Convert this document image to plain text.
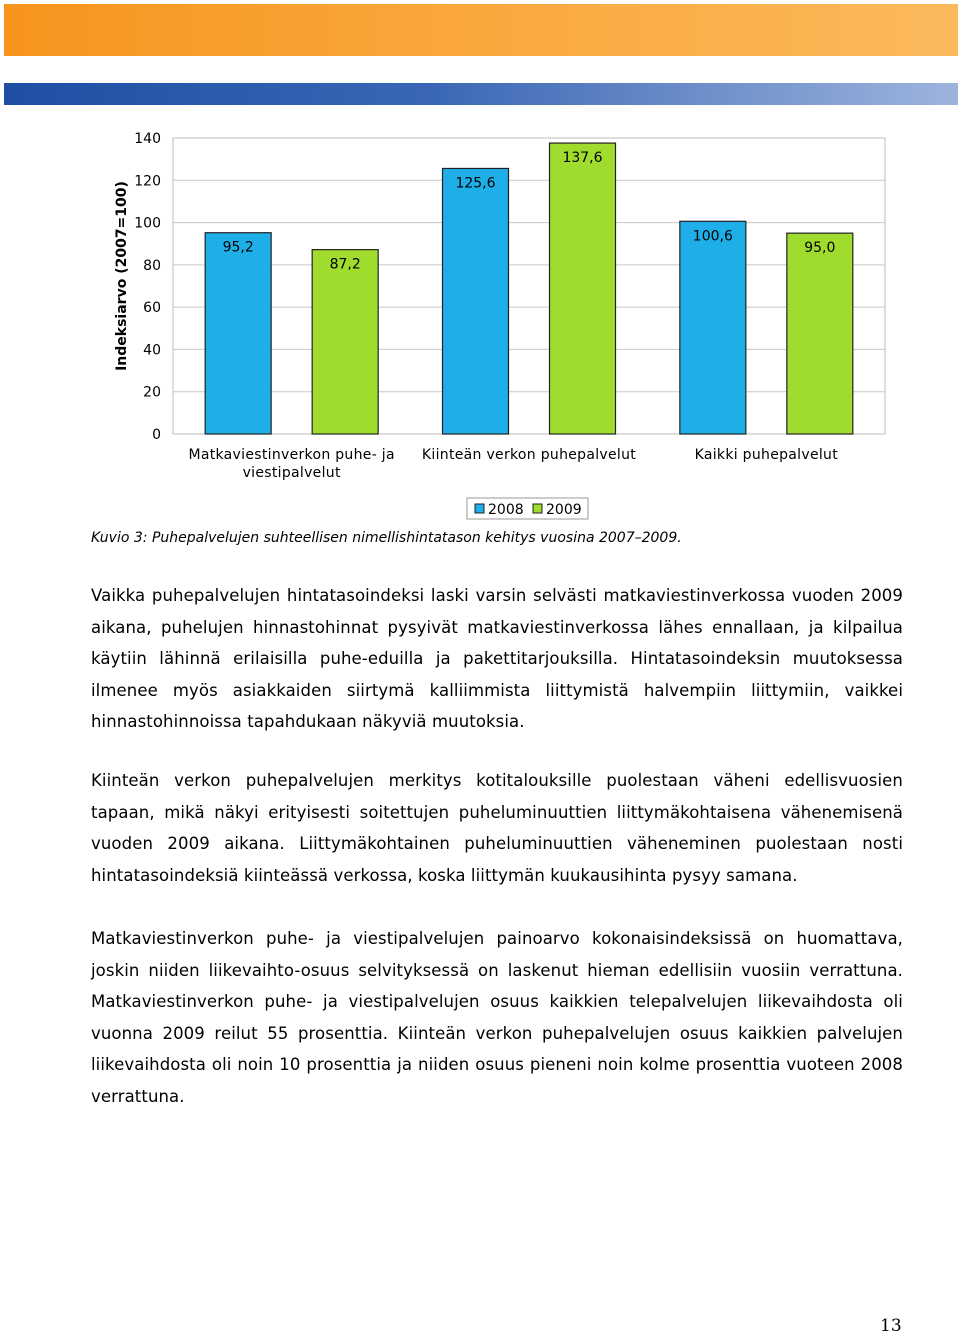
0
20
40
60
80
100
120
140
Indeksiarvo (2007=100)	95,2
87,2
Matkaviestinverkon puhe- ja
viestipalvelut
125,6
137,6
Kiinteän verkon puhepalvelut
100,6
95,0
Kaikki puhepalvelut
2008 2009

Kuvio 3: Puhepalvelujen suhteellisen nimellishintatason kehitys vuosina 2007–2009.

Vaikka puhepalvelujen hintatasoindeksi laski varsin selvästi matkaviestinverkossa vuoden 2009 aikana, puhelujen hinnastohinnat pysyivät matkaviestinverkossa lähes ennallaan, ja kilpailua käytiin lähinnä erilaisilla puhe-eduilla ja pakettitarjouksilla. Hintatasoindeksin muutoksessa ilmenee myös asiakkaiden siirtymä kalliimmista liittymistä halvempiin liittymiin, vaikkei hinnastohinnoissa tapahdukaan näkyviä muutoksia.

Kiinteän verkon puhepalvelujen merkitys kotitalouksille puolestaan väheni edellisvuosien tapaan, mikä näkyi erityisesti soitettujen puheluminuuttien liittymäkohtaisena vähenemisenä vuoden 2009 aikana. Liittymäkohtainen puheluminuuttien väheneminen puolestaan nosti hintatasoindeksiä kiinteässä verkossa, koska liittymän kuukausihinta pysyy samana.

Matkaviestinverkon puhe- ja viestipalvelujen painoarvo kokonaisindeksissä on huomattava, joskin niiden liikevaihto-osuus selvityksessä on laskenut hieman edellisiin vuosiin verrattuna. Matkaviestinverkon puhe- ja viestipalvelujen osuus kaikkien telepalvelujen liikevaihdosta oli vuonna 2009 reilut 55 prosenttia. Kiinteän verkon puhepalvelujen osuus kaikkien palvelujen liikevaihdosta oli noin 10 prosenttia ja niiden osuus pieneni noin kolme prosenttia vuoteen 2008 verrattuna.

13
